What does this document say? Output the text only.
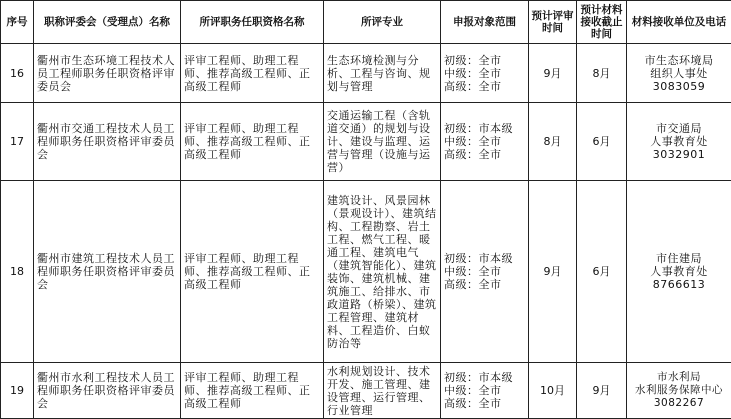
序号	职称评委会（受理点）名称	所评职务任职资格名称	所评专业	申报对象范围	预计评审时间	预计材料接收截止时间	材料接收单位及电话
16	衢州市生态环境工程技术人员工程师职务任职资格评审委员会	评审工程师、助理工程师、推荐高级工程师、正高级工程师	生态环境检测与分析、工程与咨询、规划与管理	初级：全市
中级：全市
高级：全市	9月	8月	市生态环境局
组织人事处
3083059
17	衢州市交通工程技术人员工程师职务任职资格评审委员会	评审工程师、助理工程师、推荐高级工程师、正高级工程师	交通运输工程（含轨道交通）的规划与设计、建设与监理、运营与管理（设施与运营）	初级：市本级
中级：全市
高级：全市	8月	6月	市交通局
人事教育处
3032901
18	衢州市建筑工程技术人员工程师职务任职资格评审委员会	评审工程师、助理工程师、推荐高级工程师、正高级工程师	建筑设计、风景园林（景观设计）、建筑结构、工程勘察、岩土工程、燃气工程、暖通工程、建筑电气（建筑智能化）、建筑装饰、建筑机械、建筑施工、给排水、市政道路（桥梁）、建筑工程管理、建筑材料、工程造价、白蚁防治等	初级：市本级
中级：全市
高级：全市	9月	6月	市住建局
人事教育处
8766613
19	衢州市水利工程技术人员工程师职务任职资格评审委员会	评审工程师、助理工程师、推荐高级工程师、正高级工程师	水利规划设计、技术开发、施工管理、建设管理、运行管理、行业管理	初级：市本级
中级：全市
高级：全市	10月	9月	市水利局
水利服务保障中心
3082267
